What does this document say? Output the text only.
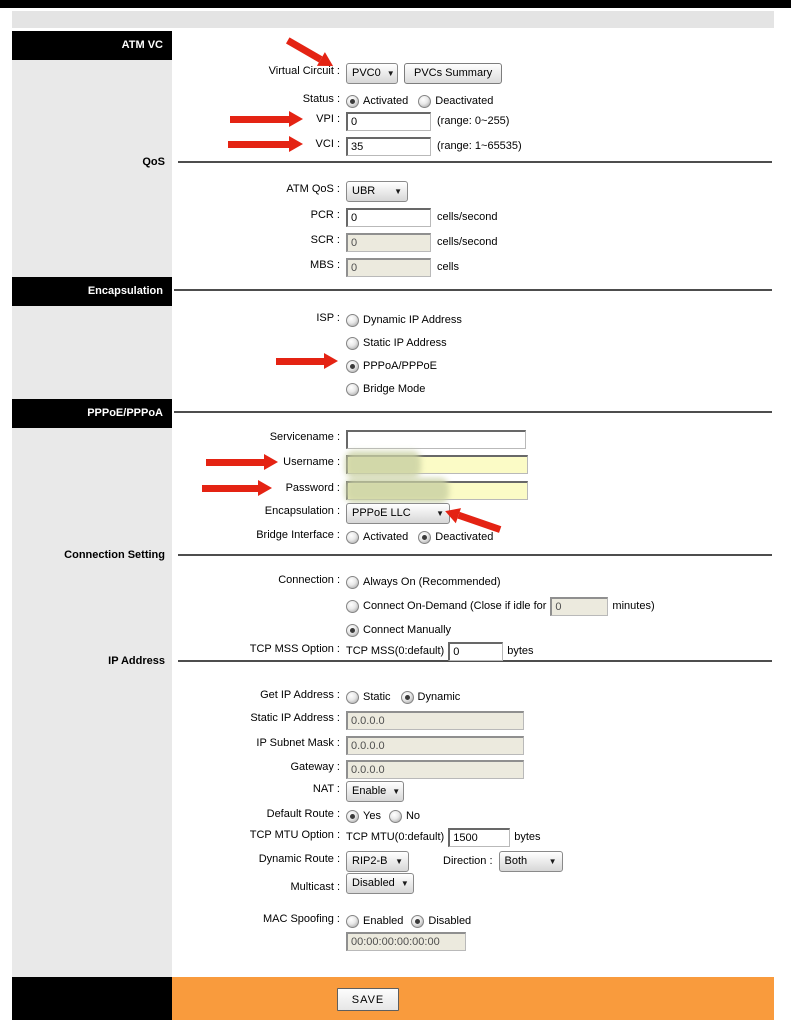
ATM VC
QoS
Encapsulation
PPPoE/PPPoA
Connection Setting
IP Address
Virtual Circuit : PVC0 ▼	PVCs Summary
Status : Activated Deactivated
VPI :	0	(range: 0~255)
VCI :	35	(range: 1~65535)
ATM QoS : UBR ▼
PCR :	0	cells/second
SCR :	0	cells/second
MBS :	0	cells
ISP : Dynamic IP Address
Static IP Address
PPPoA/PPPoE
Bridge Mode
Servicename :
Username :
Password :
Encapsulation : PPPoE LLC	▼
Bridge Interface : Activated Deactivated
Connection : Always On (Recommended)
Connect On-Demand (Close if idle for 0	minutes)
Connect Manually
TCP MSS Option : TCP MSS(0:default) 0	bytes
Get IP Address : Static Dynamic
Static IP Address :	0.0.0.0
IP Subnet Mask :	0.0.0.0
Gateway :	0.0.0.0
NAT : Enable ▼
Default Route : Yes No
TCP MTU Option : TCP MTU(0:default) 1500	bytes
Dynamic Route : RIP2-B ▼	Direction : Both	▼
Multicast : Disabled ▼
MAC Spoofing : Enabled Disabled
00:00:00:00:00:00
SAVE
